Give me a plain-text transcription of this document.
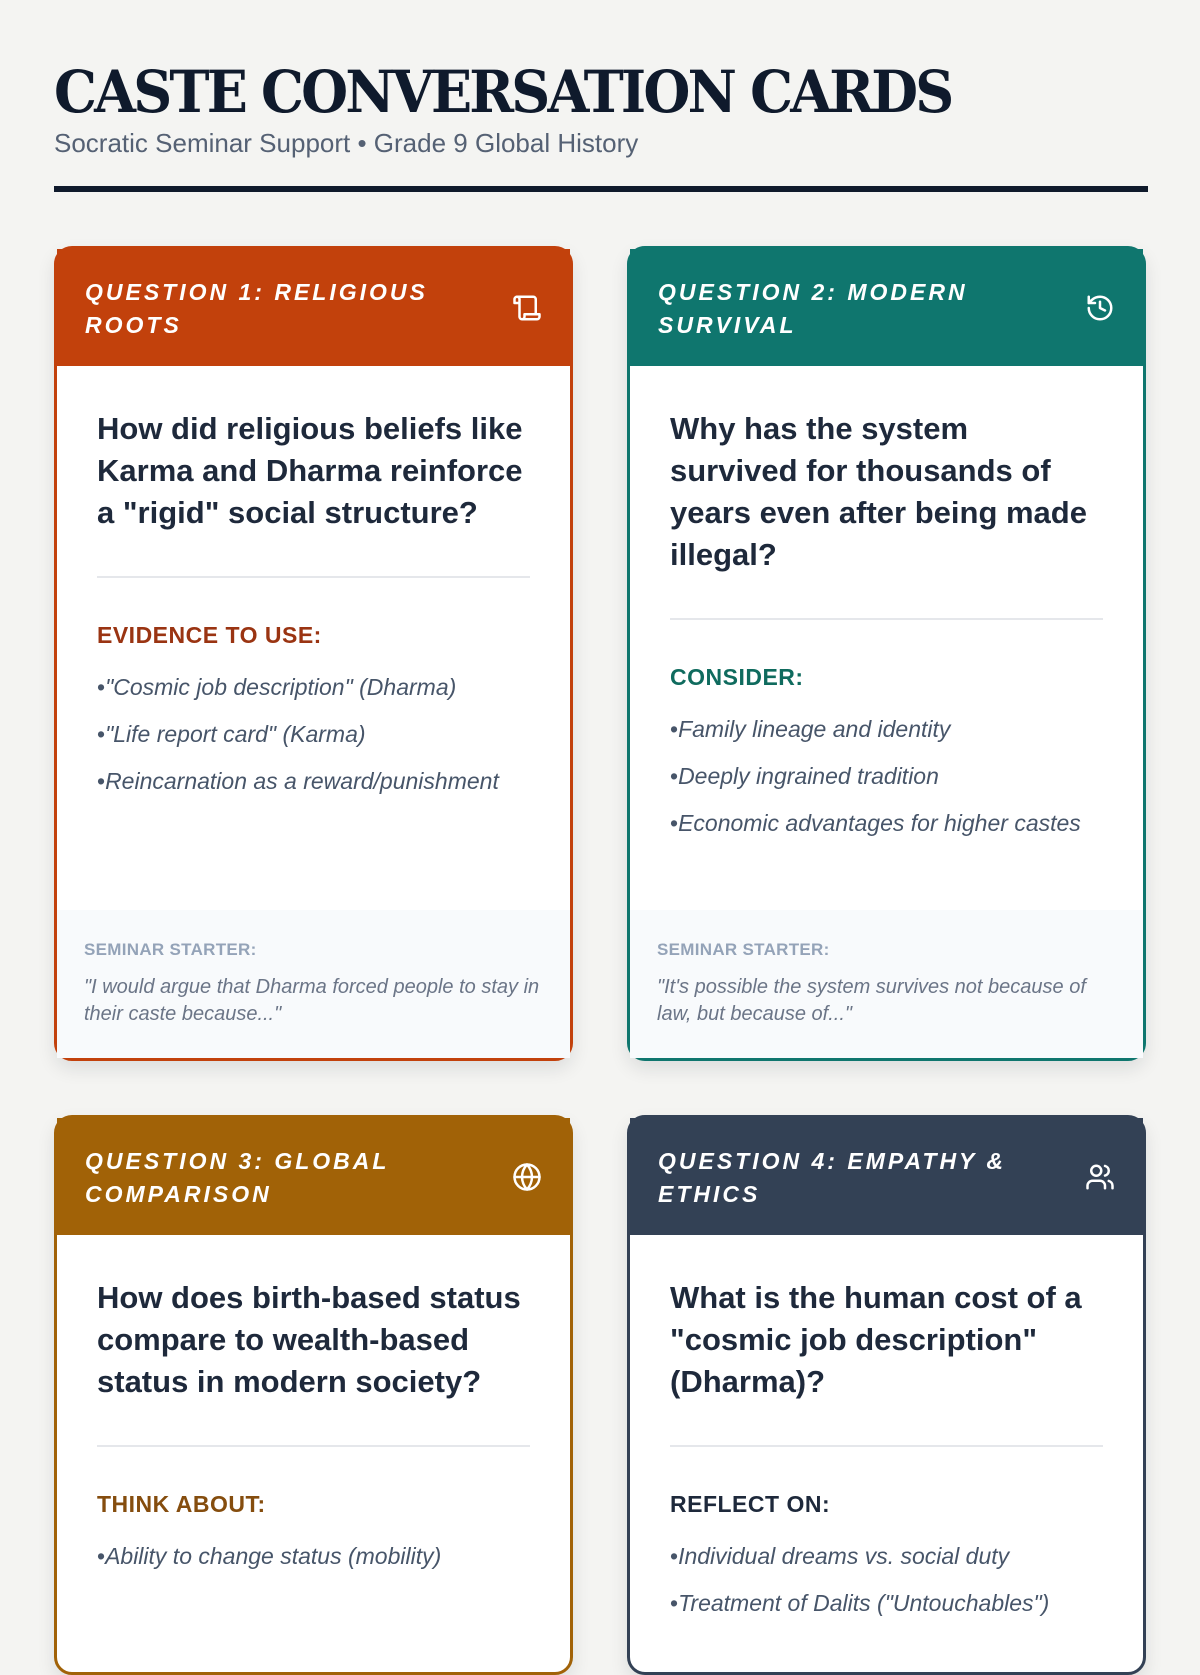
CASTE CONVERSATION CARDS
Socratic Seminar Support • Grade 9 Global History
QUESTION 1: RELIGIOUS ROOTS
How did religious beliefs like Karma and Dharma reinforce a "rigid" social structure?
EVIDENCE TO USE:
• "Cosmic job description" (Dharma)
• "Life report card" (Karma)
• Reincarnation as a reward/punishment
SEMINAR STARTER:
"I would argue that Dharma forced people to stay in their caste because..."
QUESTION 2: MODERN SURVIVAL
Why has the system survived for thousands of years even after being made illegal?
CONSIDER:
• Family lineage and identity
• Deeply ingrained tradition
• Economic advantages for higher castes
SEMINAR STARTER:
"It's possible the system survives not because of law, but because of..."
QUESTION 3: GLOBAL COMPARISON
How does birth-based status compare to wealth-based status in modern society?
THINK ABOUT:
• Ability to change status (mobility)
QUESTION 4: EMPATHY & ETHICS
What is the human cost of a "cosmic job description" (Dharma)?
REFLECT ON:
• Individual dreams vs. social duty
• Treatment of Dalits ("Untouchables")
